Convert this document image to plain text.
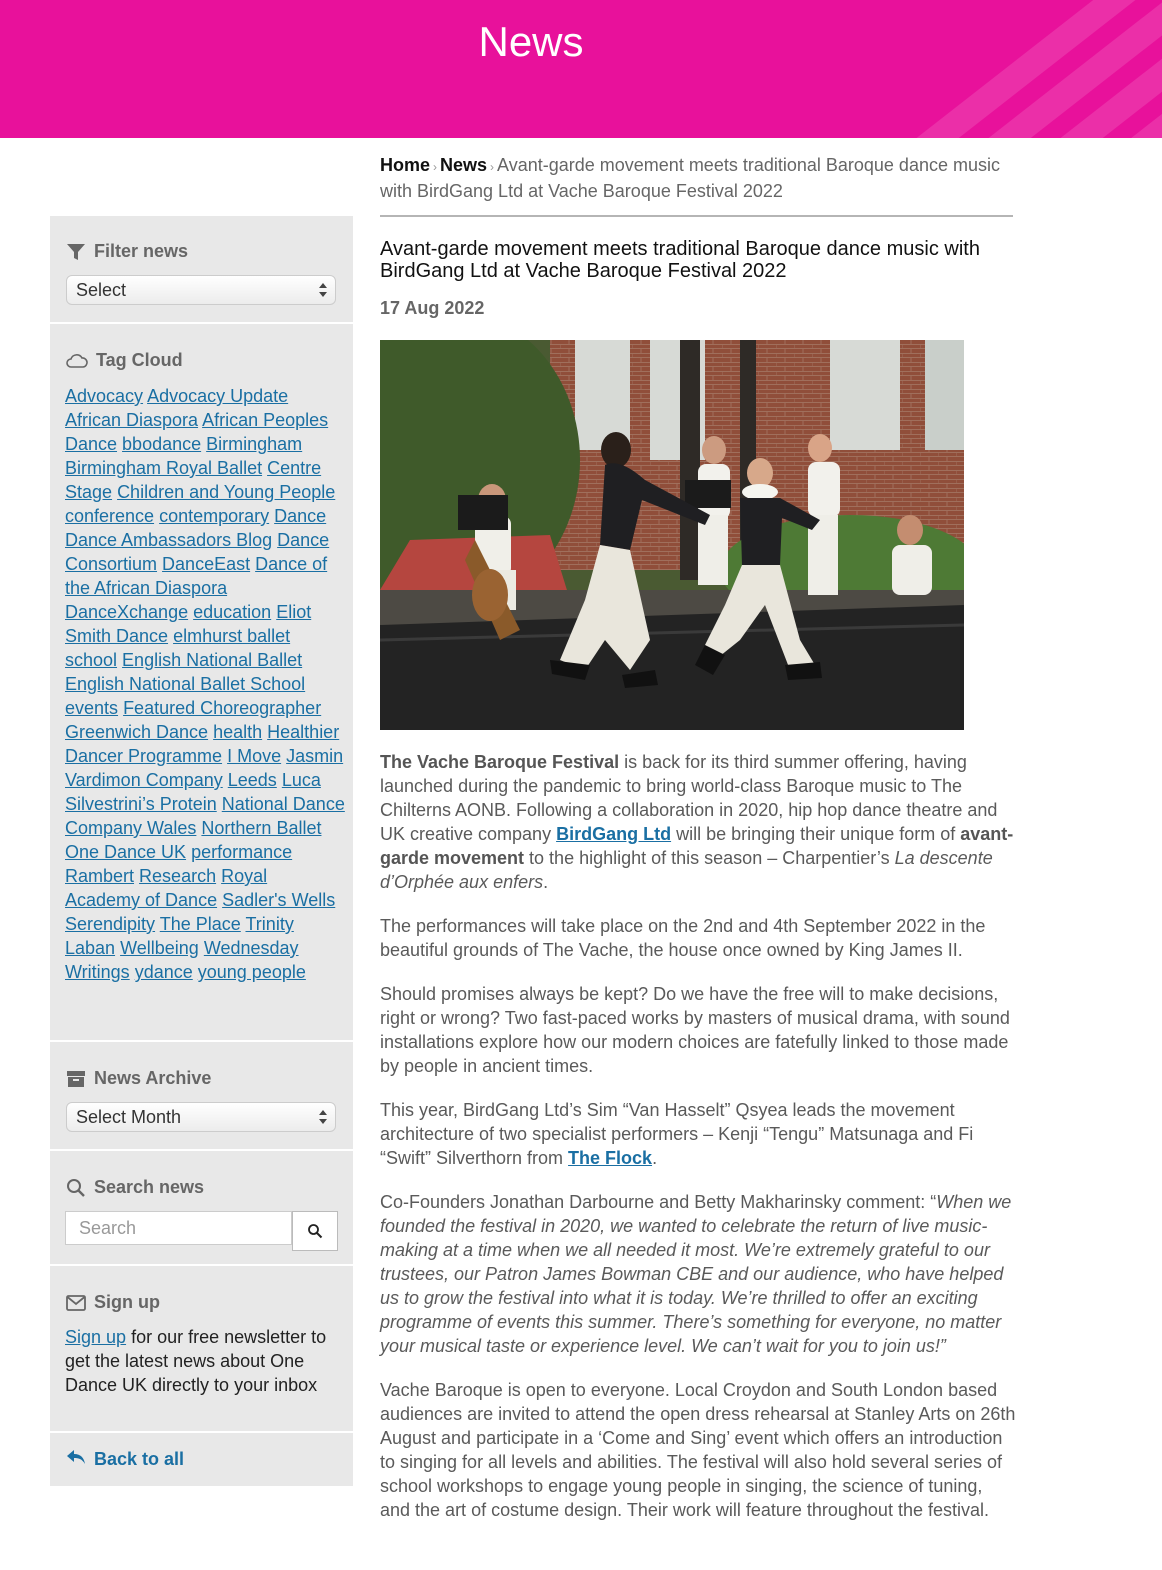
News
Home › News › Avant-garde movement meets traditional Baroque dance music with BirdGang Ltd at Vache Baroque Festival 2022
Avant-garde movement meets traditional Baroque dance music with BirdGang Ltd at Vache Baroque Festival 2022
17 Aug 2022

The Vache Baroque Festival is back for its third summer offering, having launched during the pandemic to bring world-class Baroque music to The Chilterns AONB. Following a collaboration in 2020, hip hop dance theatre and UK creative company BirdGang Ltd will be bringing their unique form of avant-garde movement to the highlight of this season – Charpentier’s La descente d’Orphée aux enfers.

The performances will take place on the 2nd and 4th September 2022 in the beautiful grounds of The Vache, the house once owned by King James II.

Should promises always be kept? Do we have the free will to make decisions, right or wrong? Two fast-paced works by masters of musical drama, with sound installations explore how our modern choices are fatefully linked to those made by people in ancient times.

This year, BirdGang Ltd’s Sim “Van Hasselt” Qsyea leads the movement architecture of two specialist performers – Kenji “Tengu” Matsunaga and Fi “Swift” Silverthorn from The Flock.

Co-Founders Jonathan Darbourne and Betty Makharinsky comment: “When we founded the festival in 2020, we wanted to celebrate the return of live music-making at a time when we all needed it most. We’re extremely grateful to our trustees, our Patron James Bowman CBE and our audience, who have helped us to grow the festival into what it is today. We’re thrilled to offer an exciting programme of events this summer. There’s something for everyone, no matter your musical taste or experience level. We can’t wait for you to join us!”

Vache Baroque is open to everyone. Local Croydon and South London based audiences are invited to attend the open dress rehearsal at Stanley Arts on 26th August and participate in a ‘Come and Sing’ event which offers an introduction to singing for all levels and abilities. The festival will also hold several series of school workshops to engage young people in singing, the science of tuning, and the art of costume design. Their work will feature throughout the festival.

Filter news
Select
Tag Cloud
Advocacy Advocacy Update African Diaspora African Peoples Dance bbodance Birmingham Birmingham Royal Ballet Centre Stage Children and Young People conference contemporary Dance Dance Ambassadors Blog Dance Consortium DanceEast Dance of the African Diaspora DanceXchange education Eliot Smith Dance elmhurst ballet school English National Ballet English National Ballet School events Featured Choreographer Greenwich Dance health Healthier Dancer Programme I Move Jasmin Vardimon Company Leeds Luca Silvestrini’s Protein National Dance Company Wales Northern Ballet One Dance UK performance Rambert Research Royal Academy of Dance Sadler's Wells Serendipity The Place Trinity Laban Wellbeing Wednesday Writings ydance young people
News Archive
Select Month
Search news
Search
Sign up
Sign up for our free newsletter to get the latest news about One Dance UK directly to your inbox
Back to all
